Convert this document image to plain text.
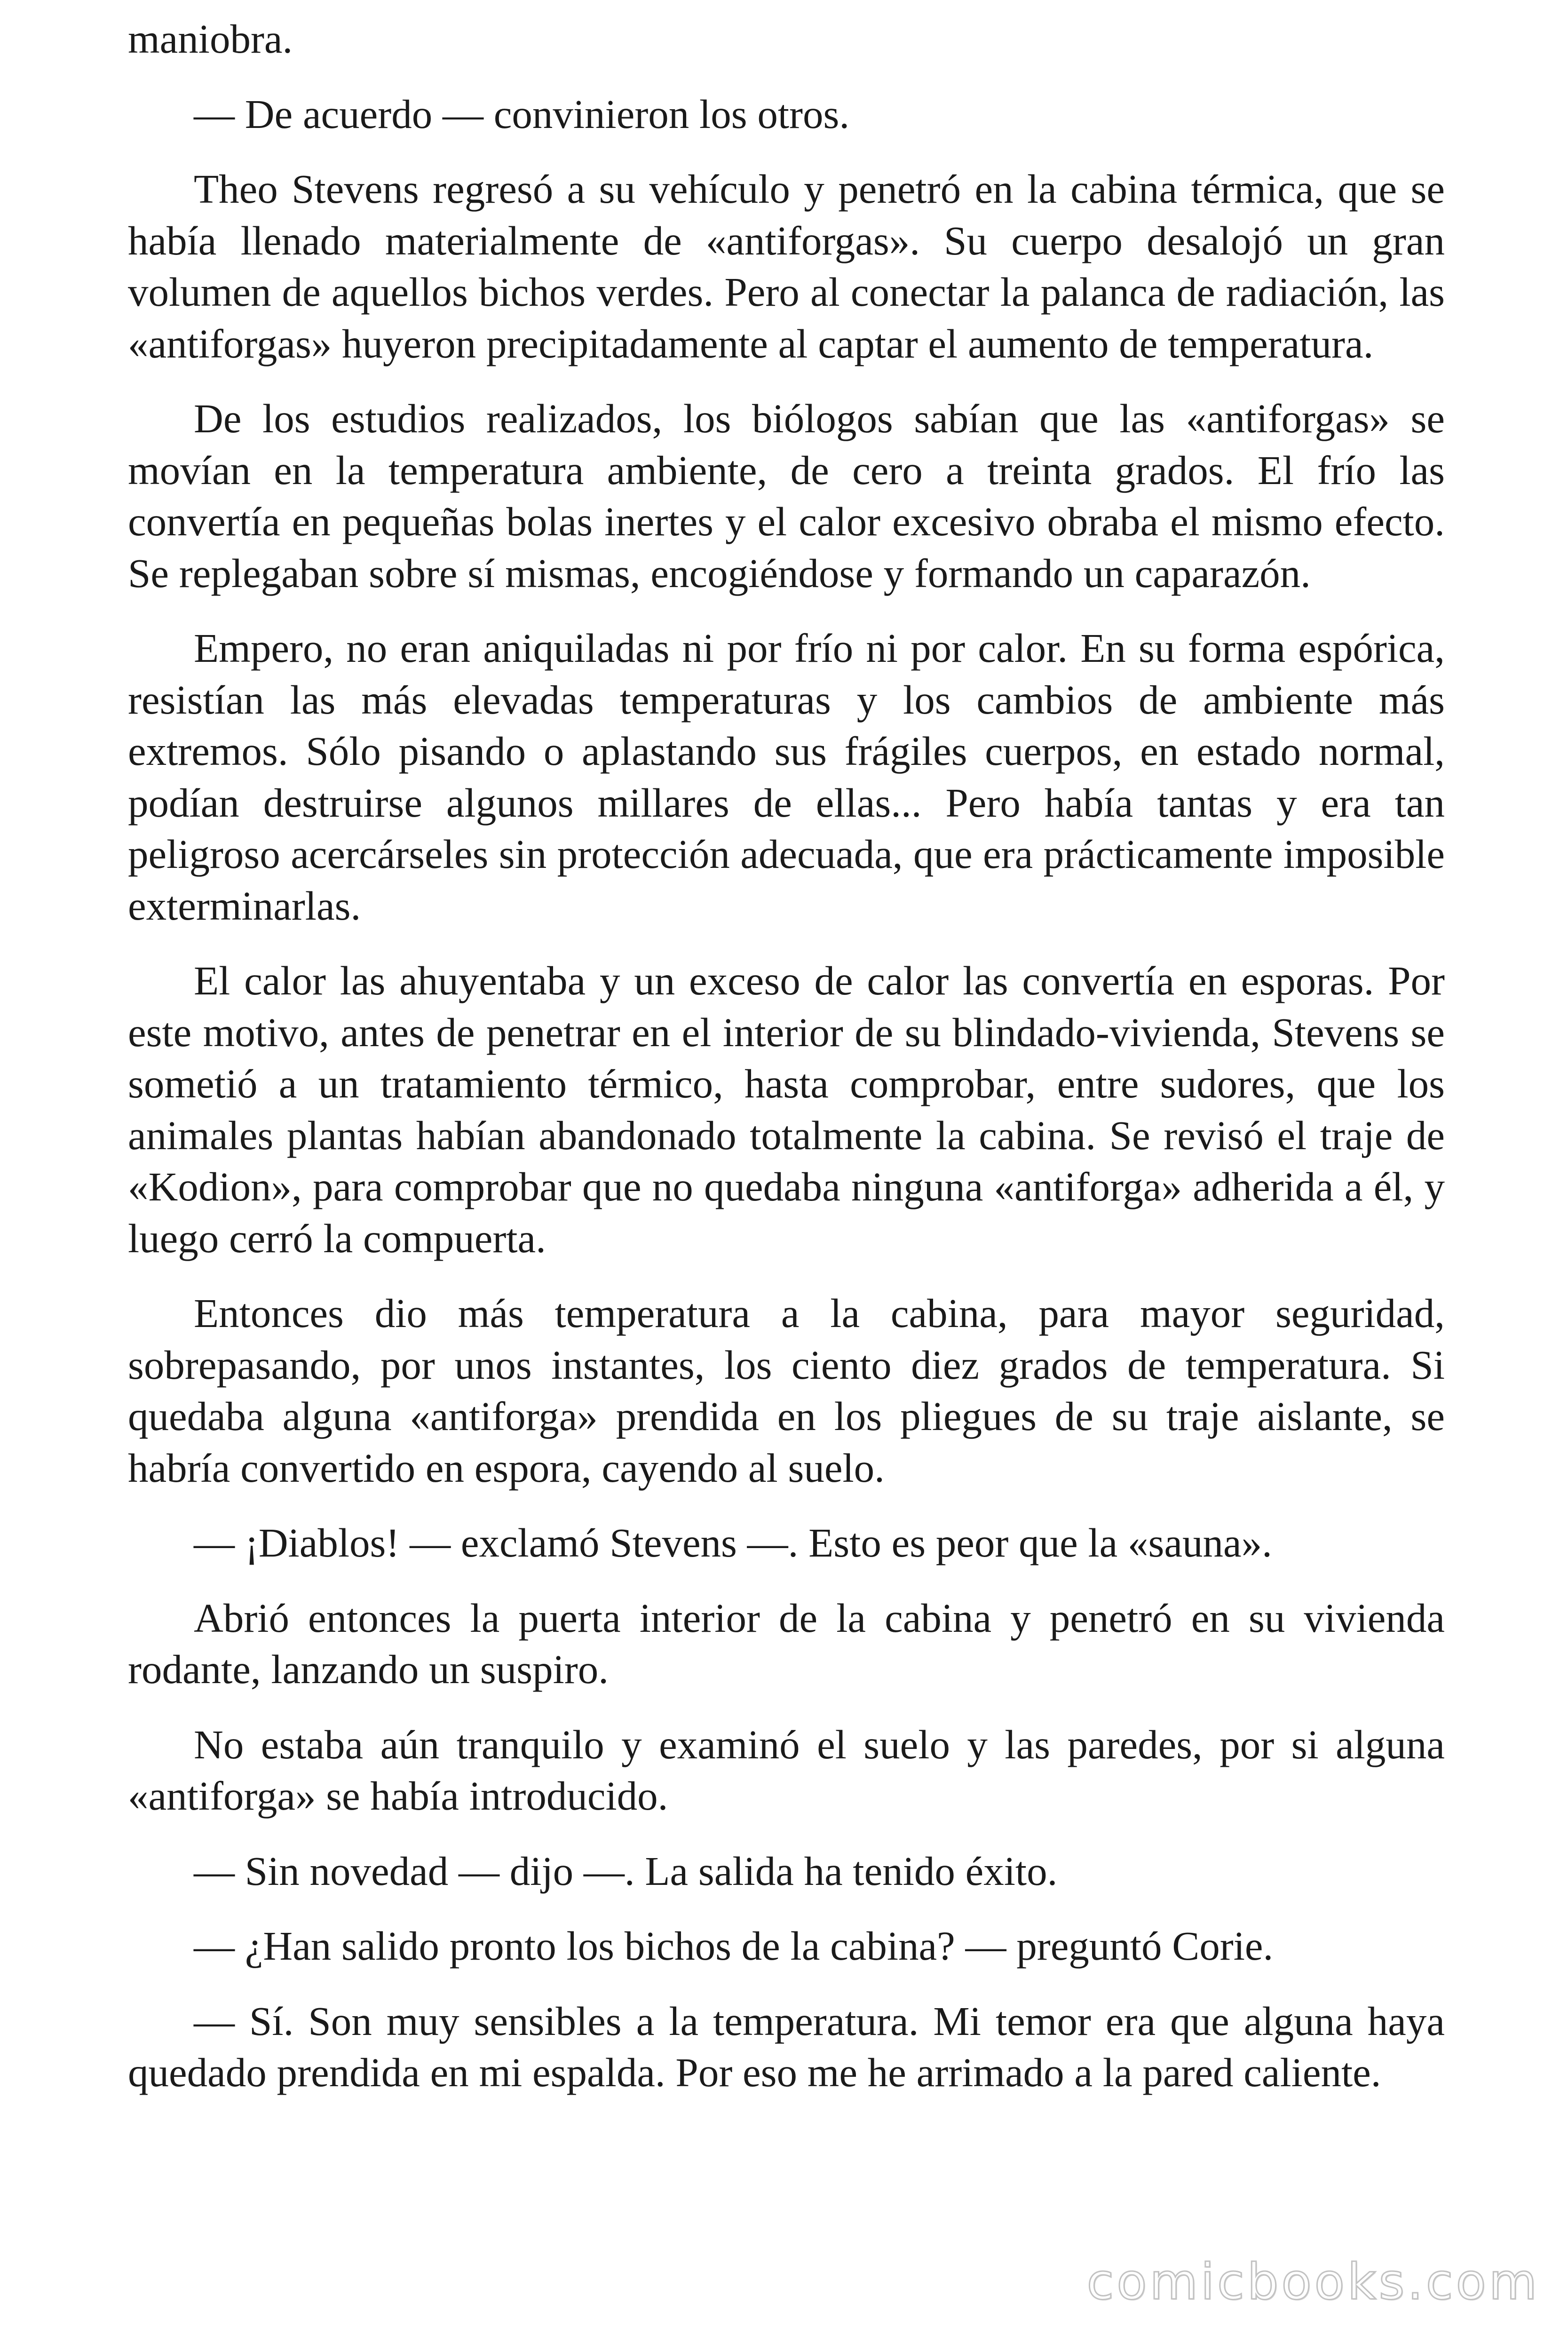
maniobra.

— De acuerdo — convinieron los otros.

Theo Stevens regresó a su vehículo y penetró en la cabina térmica, que se había llenado materialmente de «antiforgas». Su cuerpo desalojó un gran volumen de aquellos bichos verdes. Pero al conectar la palanca de radiación, las «antiforgas» huyeron precipitadamente al captar el aumento de temperatura.

De los estudios realizados, los biólogos sabían que las «antiforgas» se movían en la temperatura ambiente, de cero a treinta grados. El frío las convertía en pequeñas bolas inertes y el calor excesivo obraba el mismo efecto. Se replegaban sobre sí mismas, encogiéndose y formando un caparazón.

Empero, no eran aniquiladas ni por frío ni por calor. En su forma espórica, resistían las más elevadas temperaturas y los cambios de ambiente más extremos. Sólo pisando o aplastando sus frágiles cuerpos, en estado normal, podían destruirse algunos millares de ellas... Pero había tantas y era tan peligroso acercárseles sin protección adecuada, que era prácticamente imposible exterminarlas.

El calor las ahuyentaba y un exceso de calor las convertía en esporas. Por este motivo, antes de penetrar en el interior de su blindado-vivienda, Stevens se sometió a un tratamiento térmico, hasta comprobar, entre sudores, que los animales plantas habían abandonado totalmente la cabina. Se revisó el traje de «Kodion», para comprobar que no quedaba ninguna «antiforga» adherida a él, y luego cerró la compuerta.

Entonces dio más temperatura a la cabina, para mayor seguridad, sobrepasando, por unos instantes, los ciento diez grados de temperatura. Si quedaba alguna «antiforga» prendida en los pliegues de su traje aislante, se habría convertido en espora, cayendo al suelo.

— ¡Diablos! — exclamó Stevens —. Esto es peor que la «sauna».

Abrió entonces la puerta interior de la cabina y penetró en su vivienda rodante, lanzando un suspiro.

No estaba aún tranquilo y examinó el suelo y las paredes, por si alguna «antiforga» se había introducido.

— Sin novedad — dijo —. La salida ha tenido éxito.

— ¿Han salido pronto los bichos de la cabina? — preguntó Corie.

— Sí. Son muy sensibles a la temperatura. Mi temor era que alguna haya quedado prendida en mi espalda. Por eso me he arrimado a la pared caliente.

comicbooks.com
